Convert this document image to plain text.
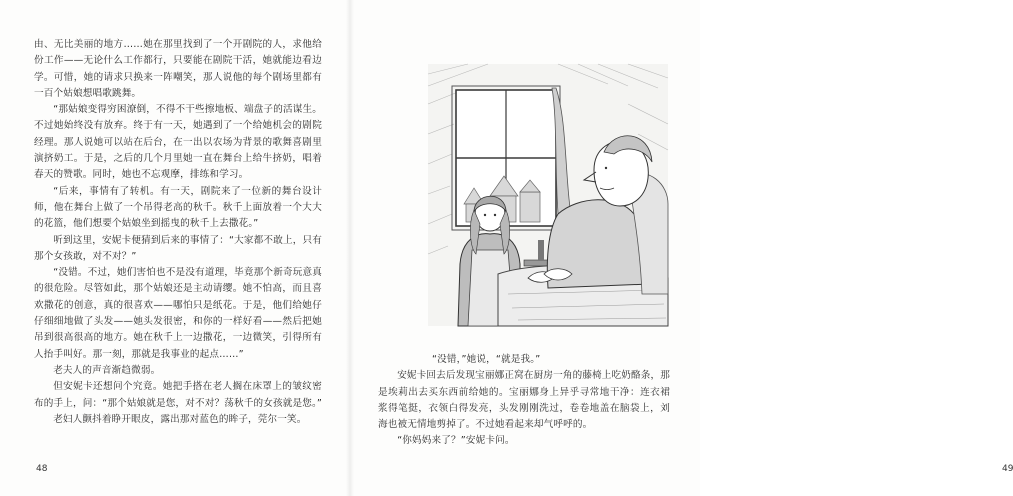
由、无比美丽的地方……她在那里找到了一个开剧院的人，求他给份工作——无论什么工作都行，只要能在剧院干活，她就能边看边学。可惜，她的请求只换来一阵嘲笑，那人说他的每个剧场里都有一百个姑娘想唱歌跳舞。

“那姑娘变得穷困潦倒，不得不干些擦地板、端盘子的活谋生。不过她始终没有放弃。终于有一天，她遇到了一个给她机会的剧院经理。那人说她可以站在后台，在一出以农场为背景的歌舞喜剧里演挤奶工。于是，之后的几个月里她一直在舞台上给牛挤奶，唱着春天的赞歌。同时，她也不忘观摩，排练和学习。

“后来，事情有了转机。有一天，剧院来了一位新的舞台设计师，他在舞台上做了一个吊得老高的秋千。秋千上面放着一个大大的花篮，他们想要个姑娘坐到摇曳的秋千上去撒花。”

听到这里，安妮卡便猜到后来的事情了：“大家都不敢上，只有那个女孩敢，对不对？”

“没错。不过，她们害怕也不是没有道理，毕竟那个新奇玩意真的很危险。尽管如此，那个姑娘还是主动请缨。她不怕高，而且喜欢撒花的创意，真的很喜欢——哪怕只是纸花。于是，他们给她仔仔细细地做了头发——她头发很密，和你的一样好看——然后把她吊到很高很高的地方。她在秋千上一边撒花，一边微笑，引得所有人抬手叫好。那一刻，那就是我事业的起点……”

老夫人的声音渐趋微弱。

但安妮卡还想问个究竟。她把手搭在老人搁在床罩上的皱纹密布的手上，问：“那个姑娘就是您，对不对？荡秋千的女孩就是您。”

老妇人颤抖着睁开眼皮，露出那对蓝色的眸子，莞尔一笑。

48	49

“没错，”她说，“就是我。”

安妮卡回去后发现宝丽娜正窝在厨房一角的藤椅上吃奶酪条，那是埃莉出去买东西前给她的。宝丽娜身上异乎寻常地干净：连衣裙浆得笔挺，衣领白得发亮，头发刚刚洗过，卷卷地盖在脑袋上，刘海也被无情地剪掉了。不过她看起来却气呼呼的。

“你妈妈来了？”安妮卡问。
